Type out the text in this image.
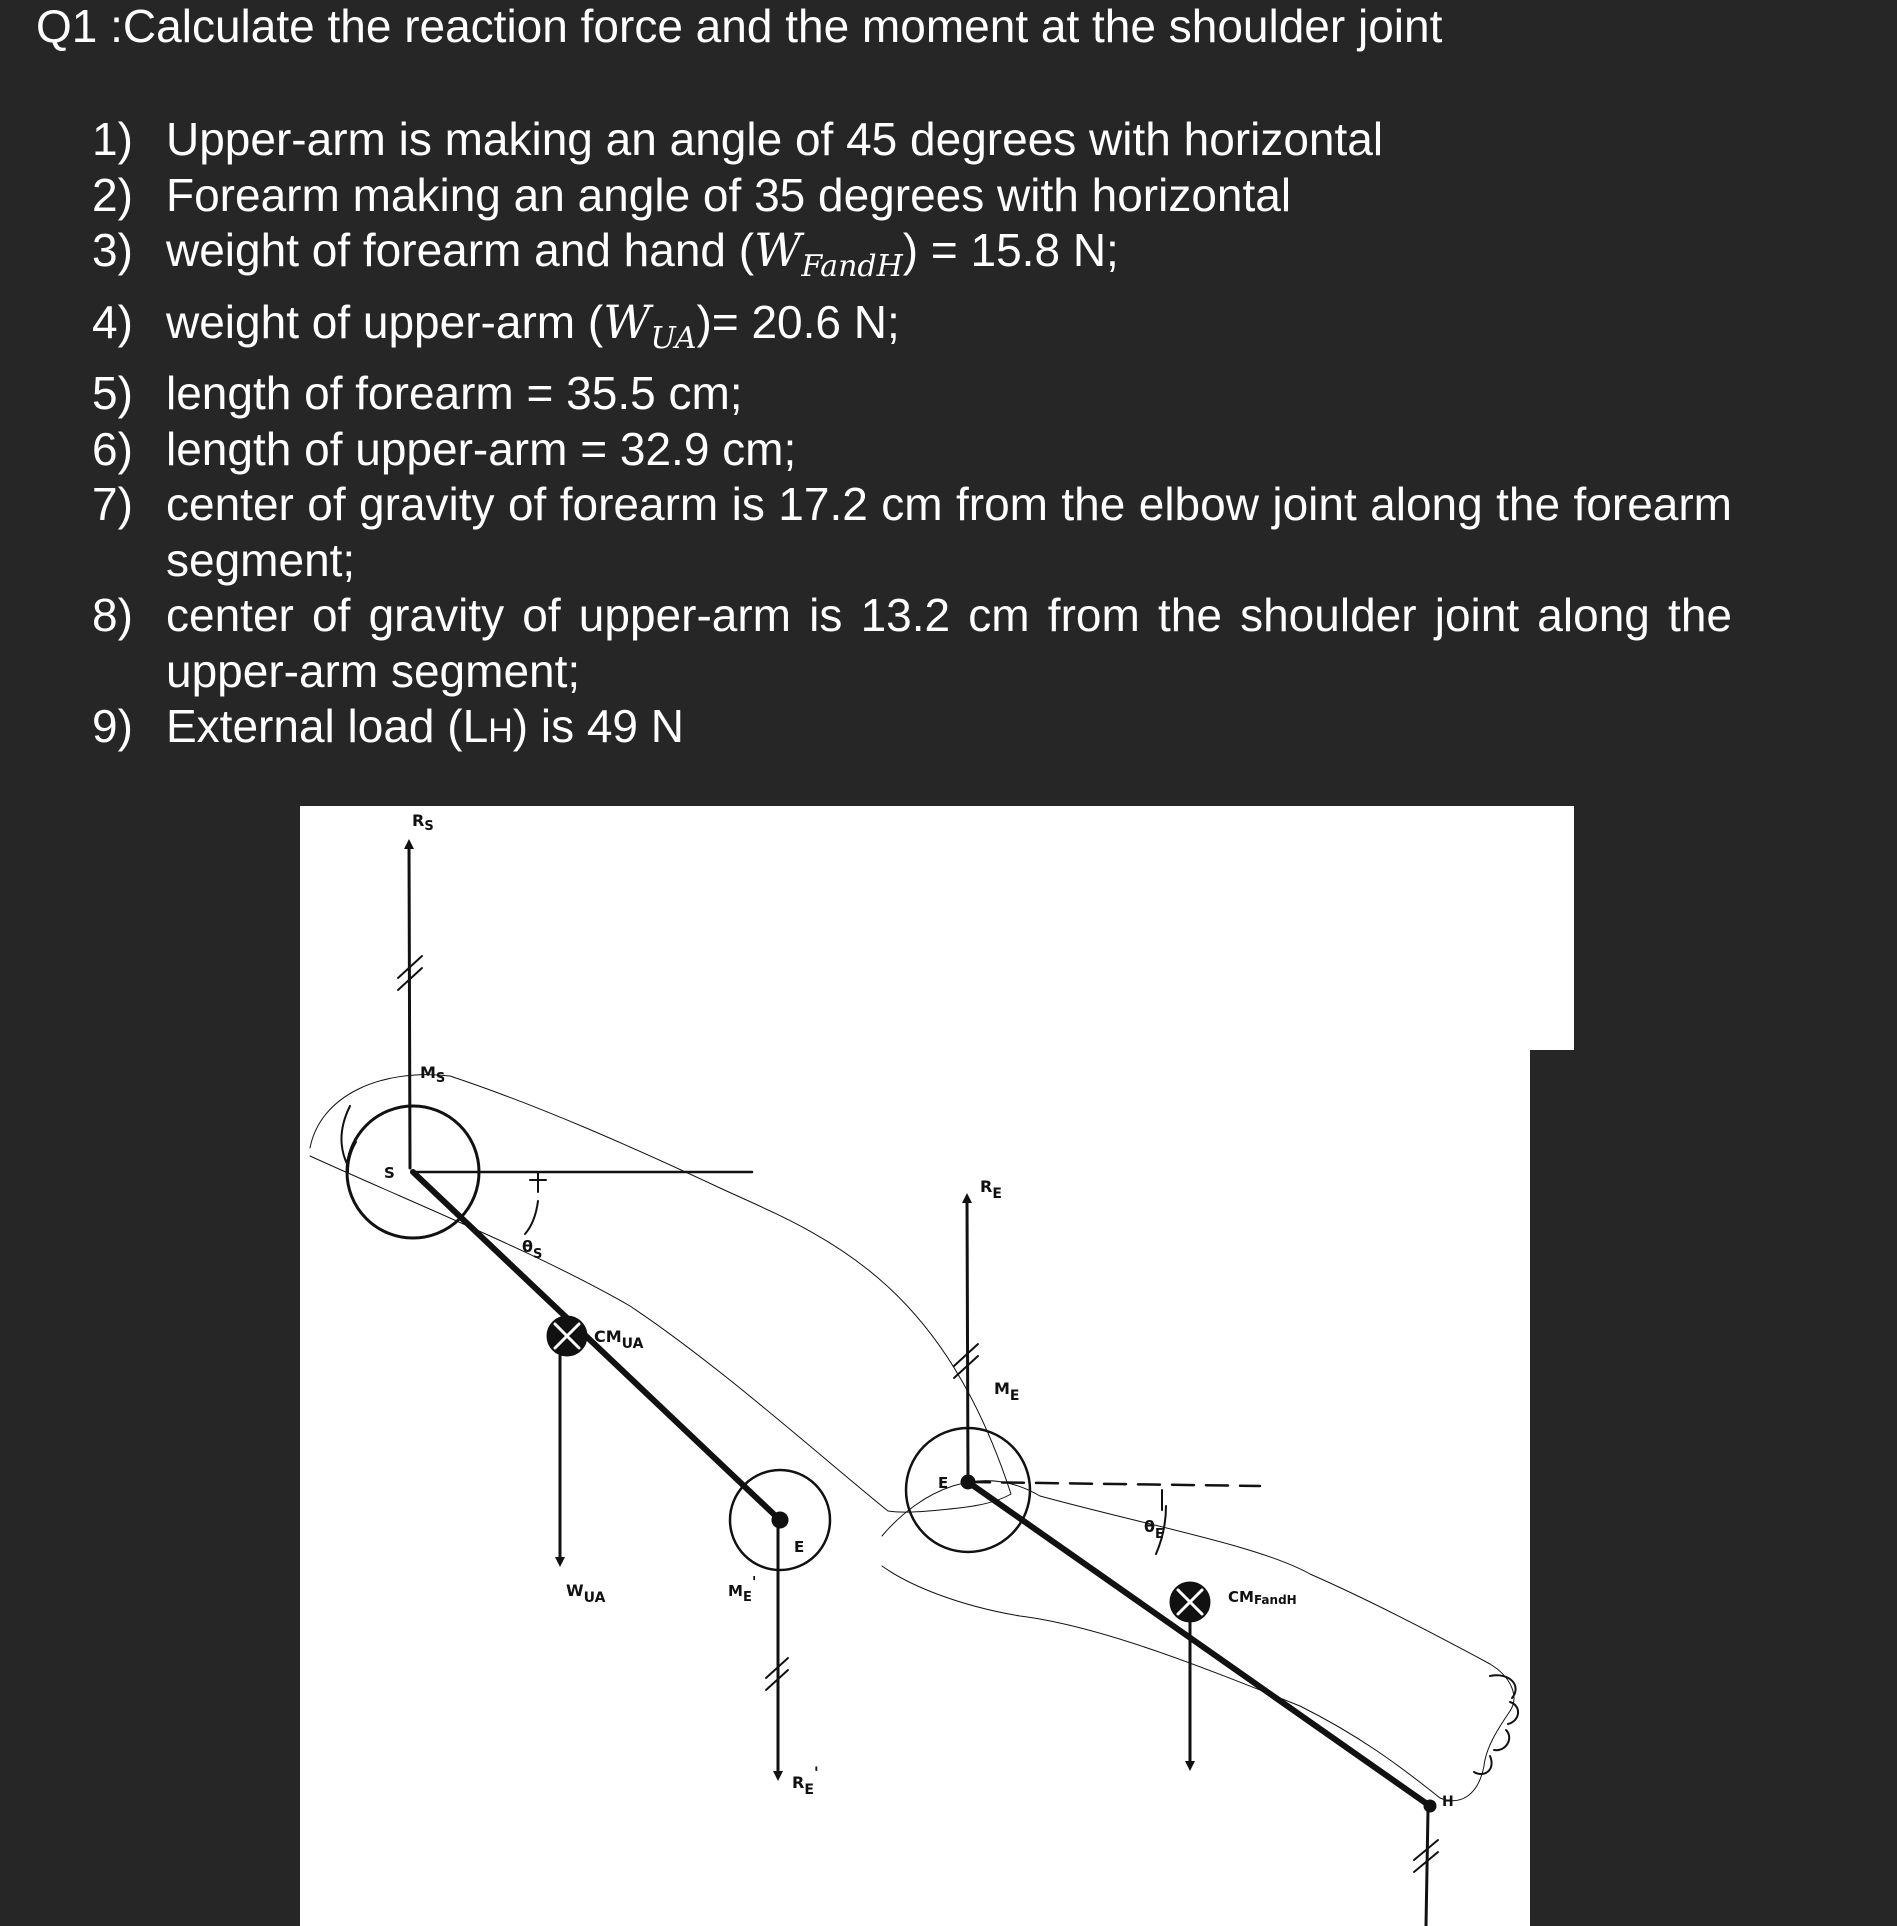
Q1 :Calculate the reaction force and the moment at the shoulder joint
1) Upper-arm is making an angle of 45 degrees with horizontal
2) Forearm making an angle of 35 degrees with horizontal
3) weight of forearm and hand $(W_{FandH}) = 15.8$ N;
4) weight of upper-arm $(W_{UA})= 20.6$ N;
5) length of forearm = 35.5 cm;
6) length of upper-arm = 32.9 cm;
7) center of gravity of forearm is 17.2 cm from the elbow joint along the forearm segment;
8) center of gravity of upper-arm is 13.2 cm from the shoulder joint along the upper-arm segment;
9) External load (LH) is 49 N
$R_S$
$M_S$
S
$\theta_S$
CMUA
WUA	ME'
E
RE'
RE
ME
E
$\theta_E$
CMFandH
H
